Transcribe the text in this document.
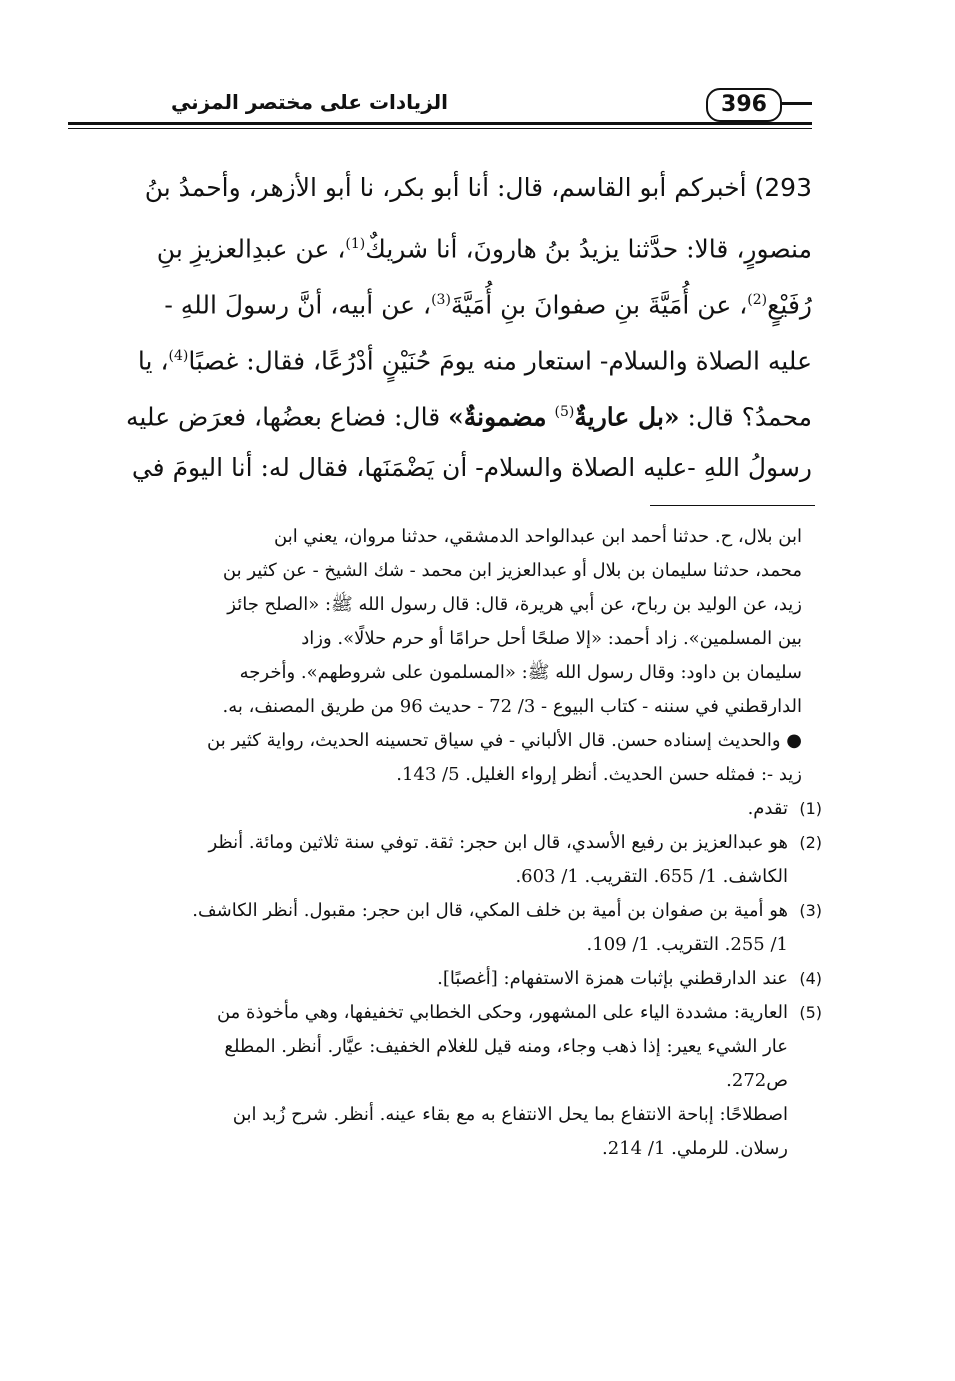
الزيادات على مختصر المزني	396
293) أخبركم أبو القاسم، قال: أنا أبو بكر، نا أبو الأزهر، وأحمدُ بنُ
منصورٍ، قالا: حدَّثنا يزيدُ بنُ هارونَ، أنا شريكٌ$^{(1)}$، عن عبدِالعزيزِ بنِ
رُفَيْعٍ$^{(2)}$، عن أُمَيَّةَ بنِ صفوانَ بنِ أُمَيَّةَ$^{(3)}$، عن أبيه، أنَّ رسولَ اللهِ -
عليه الصلاة والسلام- استعار منه يومَ حُنَيْنٍ أدْرُعًا، فقال: غصبًا$^{(4)}$، يا
محمدُ؟ قال: «بل عاريةٌ$^{(5)}$ مضمونةٌ» قال: فضاع بعضُها، فعرَض عليه
رسولُ اللهِ -عليه الصلاة والسلام- أن يَضْمَنَها، فقال له: أنا اليومَ في
ابن بلال، ح. حدثنا أحمد ابن عبدالواحد الدمشقي، حدثنا مروان، يعني ابن
محمد، حدثنا سليمان بن بلال أو عبدالعزيز ابن محمد - شك الشيخ - عن كثير بن
زيد، عن الوليد بن رباح، عن أبي هريرة، قال: قال رسول الله ﷺ: «الصلح جائز
بين المسلمين». زاد أحمد: «إلا صلحًا أحل حرامًا أو حرم حلالًا». وزاد
سليمان بن داود: وقال رسول الله ﷺ: «المسلمون على شروطهم». وأخرجه
الدارقطني في سننه - كتاب البيوع - 3/ 72 - حديث 96 من طريق المصنف، به.
● والحديث إسناده حسن. قال الألباني - في سياق تحسينه الحديث، رواية كثير بن
زيد -: فمثله حسن الحديث. أنظر إرواء الغليل. 5/ 143.
(1)
تقدم.
(2)
هو عبدالعزيز بن رفيع الأسدي، قال ابن حجر: ثقة. توفي سنة ثلاثين ومائة. أنظر
الكاشف. 1/ 655. التقريب. 1/ 603.
(3)
هو أمية بن صفوان بن أمية بن خلف المكي، قال ابن حجر: مقبول. أنظر الكاشف.
1/ 255. التقريب. 1/ 109.
(4)
عند الدارقطني بإثبات همزة الاستفهام: [أغصبًا].
(5)
العارية: مشددة الياء على المشهور، وحكى الخطابي تخفيفها، وهي مأخوذة من
عار الشيء يعير: إذا ذهب وجاء، ومنه قيل للغلام الخفيف: عيَّار. أنظر. المطلع
ص272.
اصطلاحًا: إباحة الانتفاع بما يحل الانتفاع به مع بقاء عينه. أنظر. شرح زُبد ابن
رسلان. للرملي. 1/ 214.
